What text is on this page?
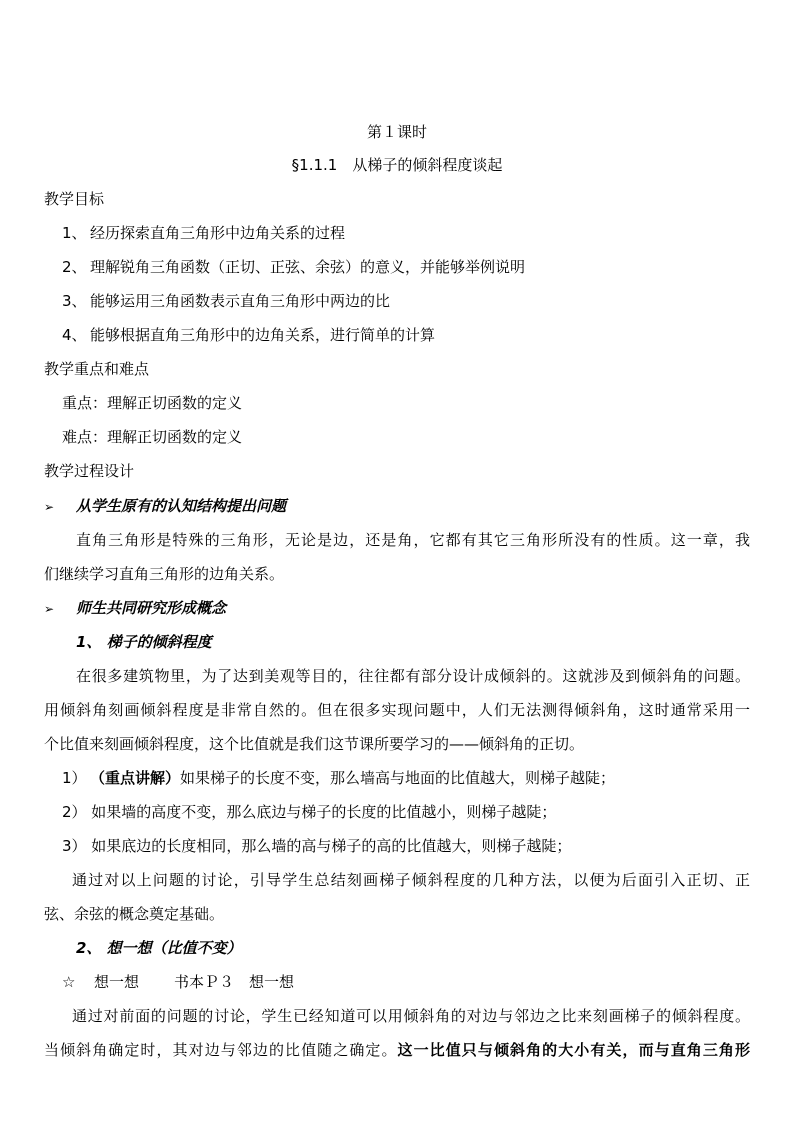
第１课时
§1.1.1　从梯子的倾斜程度谈起
教学目标
1、 经历探索直角三角形中边角关系的过程
2、 理解锐角三角函数（正切、正弦、余弦）的意义，并能够举例说明
3、 能够运用三角函数表示直角三角形中两边的比
4、 能够根据直角三角形中的边角关系，进行简单的计算
教学重点和难点
重点：理解正切函数的定义
难点：理解正切函数的定义
教学过程设计
➢ 从学生原有的认知结构提出问题
直角三角形是特殊的三角形，无论是边，还是角，它都有其它三角形所没有的性质。这一章，我
们继续学习直角三角形的边角关系。
➢ 师生共同研究形成概念
1、 梯子的倾斜程度
在很多建筑物里，为了达到美观等目的，往往都有部分设计成倾斜的。这就涉及到倾斜角的问题。
用倾斜角刻画倾斜程度是非常自然的。但在很多实现问题中，人们无法测得倾斜角，这时通常采用一
个比值来刻画倾斜程度，这个比值就是我们这节课所要学习的——倾斜角的正切。
1） （重点讲解）如果梯子的长度不变，那么墙高与地面的比值越大，则梯子越陡；
2） 如果墙的高度不变，那么底边与梯子的长度的比值越小，则梯子越陡；
3） 如果底边的长度相同，那么墙的高与梯子的高的比值越大，则梯子越陡；
通过对以上问题的讨论，引导学生总结刻画梯子倾斜程度的几种方法，以便为后面引入正切、正
弦、余弦的概念奠定基础。
2、 想一想（比值不变）
☆ 想一想 书本Ｐ３　想一想
通过对前面的问题的讨论，学生已经知道可以用倾斜角的对边与邻边之比来刻画梯子的倾斜程度。
当倾斜角确定时，其对边与邻边的比值随之确定。这一比值只与倾斜角的大小有关，而与直角三角形
